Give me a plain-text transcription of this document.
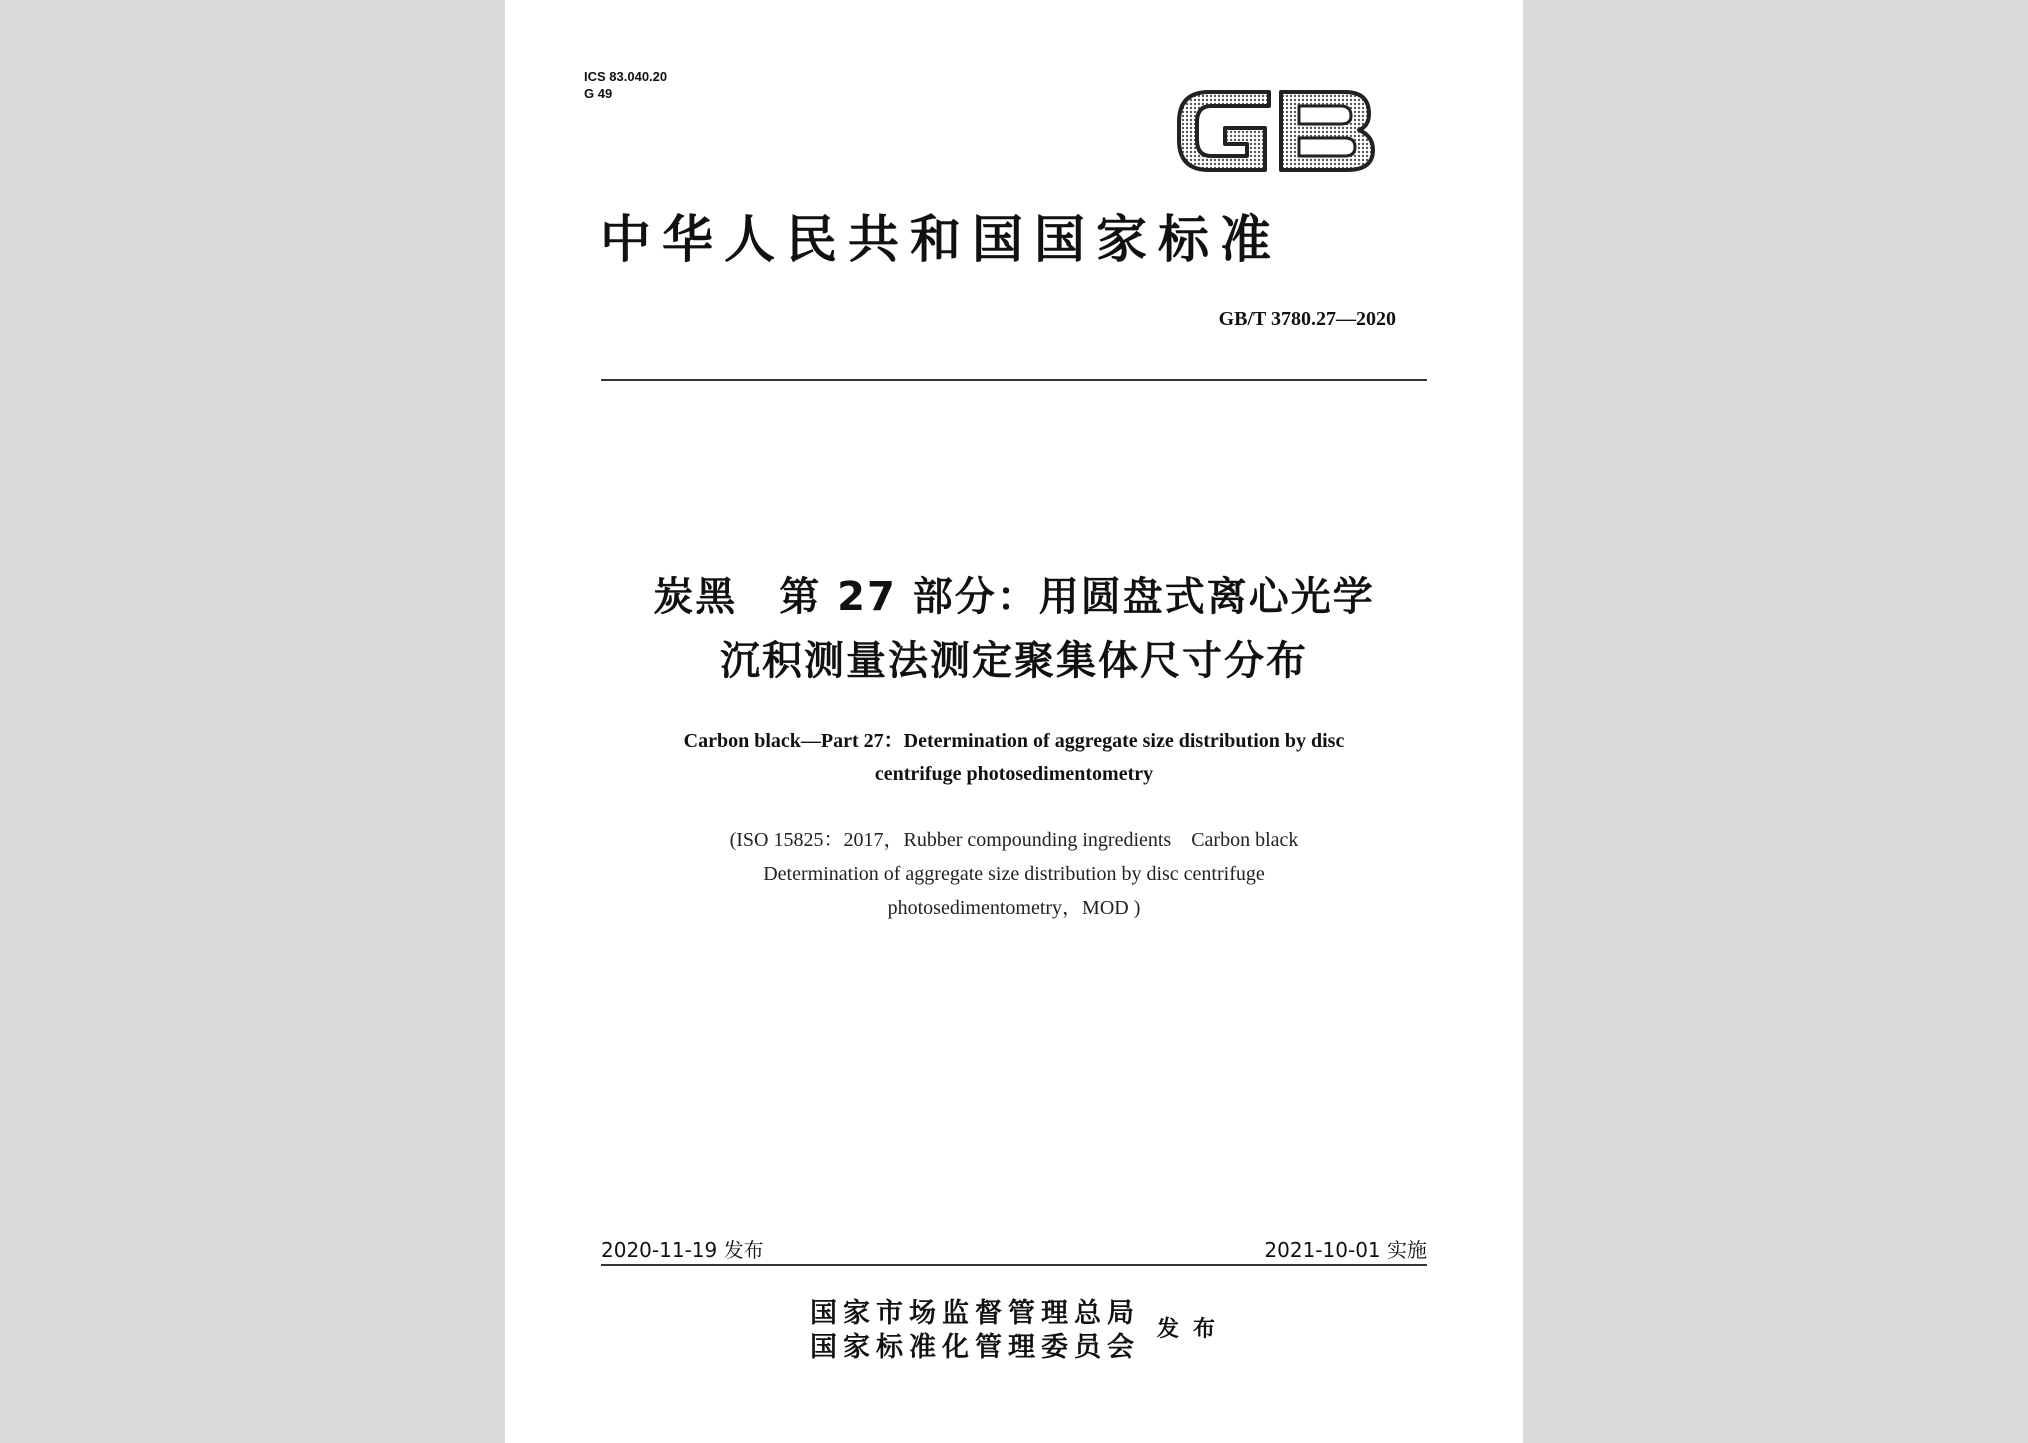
ICS 83.040.20
G 49
中华人民共和国国家标准
GB/T 3780.27—2020
炭黑　第 27 部分：用圆盘式离心光学
沉积测量法测定聚集体尺寸分布
Carbon black—Part 27：Determination of aggregate size distribution by disc
centrifuge photosedimentometry
(ISO 15825：2017，Rubber compounding ingredients　Carbon black
Determination of aggregate size distribution by disc centrifuge
photosedimentometry，MOD )
2020-11-19 发布	2021-10-01 实施
国家市场监督管理总局
国家标准化管理委员会
发布
